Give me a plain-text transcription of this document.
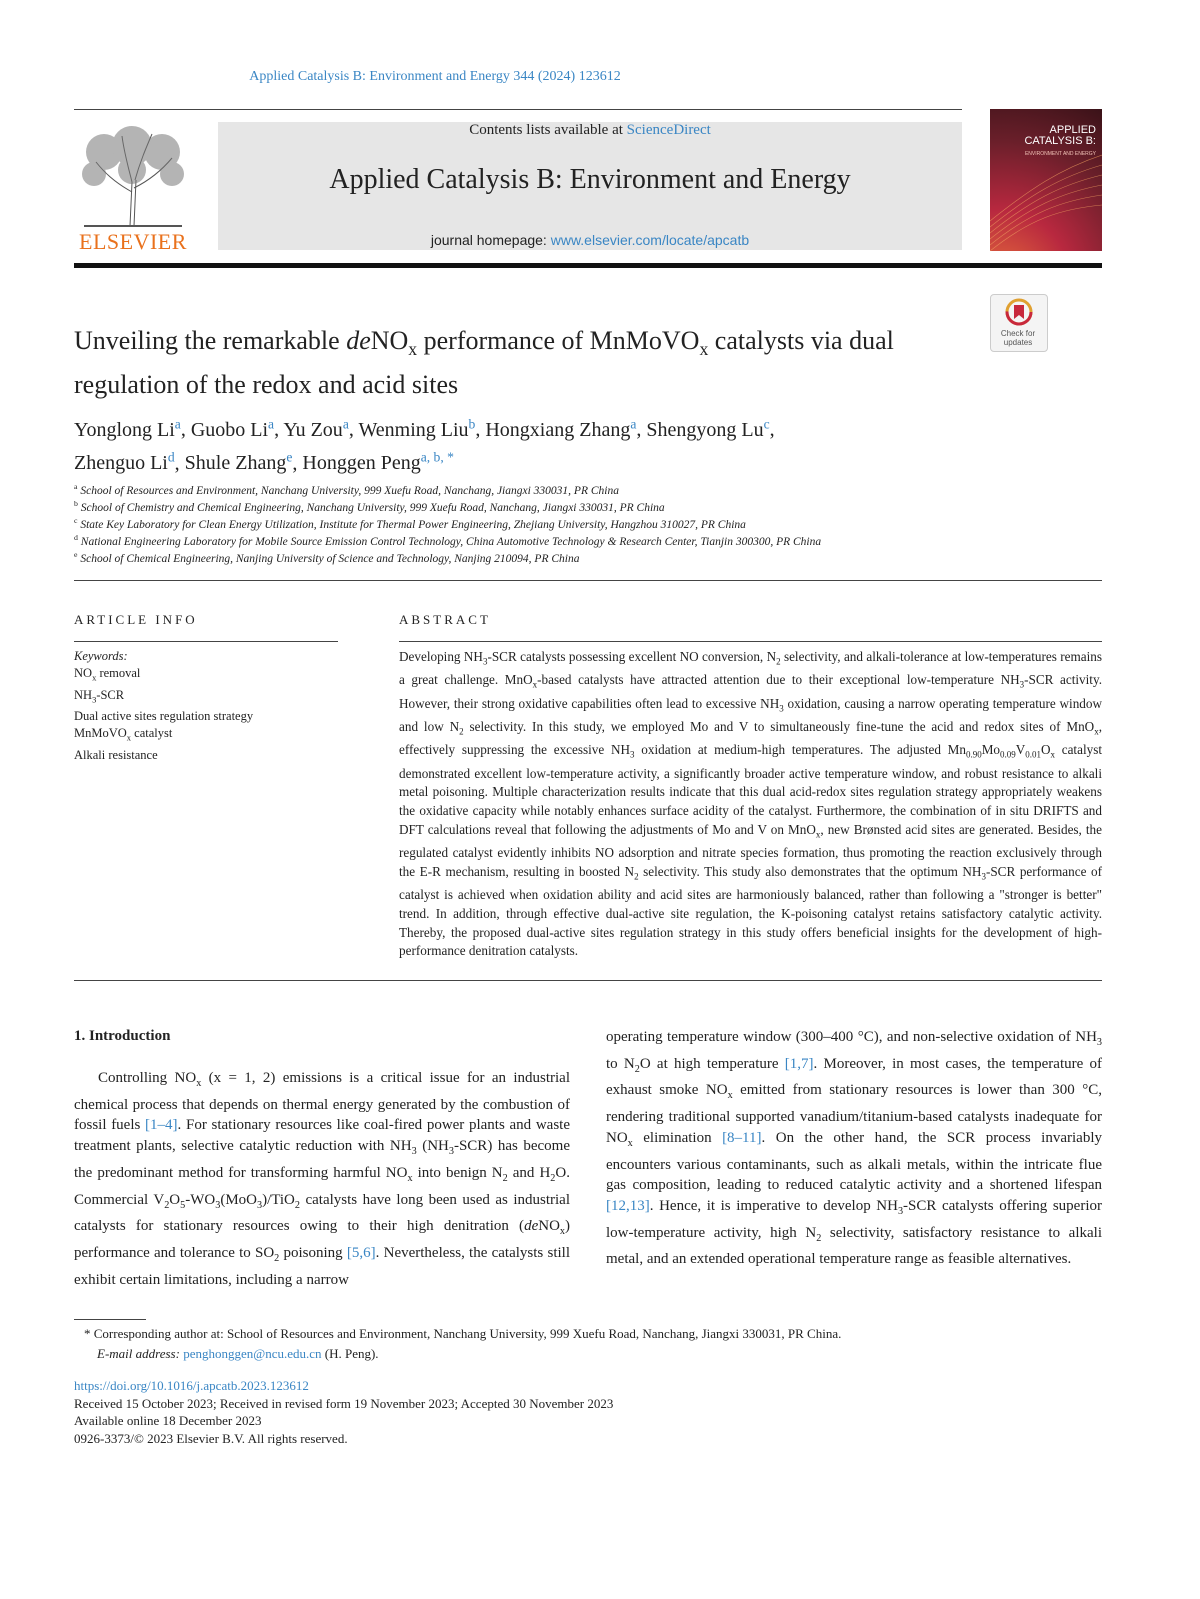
Applied Catalysis B: Environment and Energy 344 (2024) 123612
ELSEVIER
Contents lists available at ScienceDirect
Applied Catalysis B: Environment and Energy
journal homepage: www.elsevier.com/locate/apcatb
APPLIED CATALYSIS B:
ENVIRONMENT AND ENERGY
Check for updates
Unveiling the remarkable deNO$_x$ performance of MnMoVO$_x$ catalysts via dual regulation of the redox and acid sites
Yonglong Li$^a$, Guobo Li$^a$, Yu Zou$^a$, Wenming Liu$^b$, Hongxiang Zhang$^a$, Shengyong Lu$^c$,
Zhenguo Li$^d$, Shule Zhang$^e$, Honggen Peng$^{a, b, *}$
$^a$ School of Resources and Environment, Nanchang University, 999 Xuefu Road, Nanchang, Jiangxi 330031, PR China
$^b$ School of Chemistry and Chemical Engineering, Nanchang University, 999 Xuefu Road, Nanchang, Jiangxi 330031, PR China
$^c$ State Key Laboratory for Clean Energy Utilization, Institute for Thermal Power Engineering, Zhejiang University, Hangzhou 310027, PR China
$^d$ National Engineering Laboratory for Mobile Source Emission Control Technology, China Automotive Technology & Research Center, Tianjin 300300, PR China
$^e$ School of Chemical Engineering, Nanjing University of Science and Technology, Nanjing 210094, PR China
ARTICLE INFO	ABSTRACT
Keywords:
$NO_x$ removal
$NH_3$-SCR
Dual active sites regulation strategy
MnMoVO$_x$ catalyst
Alkali resistance
Developing $NH_3$-SCR catalysts possessing excellent NO conversion, $N_2$ selectivity, and alkali-tolerance at low-temperatures remains a great challenge. MnO$_x$-based catalysts have attracted attention due to their exceptional low-temperature $NH_3$-SCR activity. However, their strong oxidative capabilities often lead to excessive $NH_3$ oxidation, causing a narrow operating temperature window and low $N_2$ selectivity. In this study, we employed Mo and V to simultaneously fine-tune the acid and redox sites of MnO$_x$, effectively suppressing the excessive $NH_3$ oxidation at medium-high temperatures. The adjusted $Mn_{0.90}Mo_{0.09}V_{0.01}O_x$ catalyst demonstrated excellent low-temperature activity, a significantly broader active temperature window, and robust resistance to alkali metal poisoning. Multiple characterization results indicate that this dual acid-redox sites regulation strategy appropriately weakens the oxidative capacity while notably enhances surface acidity of the catalyst. Furthermore, the combination of in situ DRIFTS and DFT calculations reveal that following the adjustments of Mo and V on MnO$_x$, new Brønsted acid sites are generated. Besides, the regulated catalyst evidently inhibits NO adsorption and nitrate species formation, thus promoting the reaction exclusively through the E-R mechanism, resulting in boosted $N_2$ selectivity. This study also demonstrates that the optimum $NH_3$-SCR performance of catalyst is achieved when oxidation ability and acid sites are harmoniously balanced, rather than following a "stronger is better" trend. In addition, through effective dual-active site regulation, the K-poisoning catalyst retains satisfactory catalytic activity. Thereby, the proposed dual-active sites regulation strategy in this study offers beneficial insights for the development of high-performance denitration catalysts.
1. Introduction
Controlling $NO_x$ (x = 1, 2) emissions is a critical issue for an industrial chemical process that depends on thermal energy generated by the combustion of fossil fuels [1–4]. For stationary resources like coal-fired power plants and waste treatment plants, selective catalytic reduction with $NH_3$ $(NH_3-SCR)$ has become the predominant method for transforming harmful $NO_x$ into benign $N_2$ and $H_2O$. Commercial $V_2O_5-WO_3(MoO_3)/TiO_2$ catalysts have long been used as industrial catalysts for stationary resources owing to their high denitration (deNO$_x$) performance and tolerance to $SO_2$ poisoning [5,6]. Nevertheless, the catalysts still exhibit certain limitations, including a narrow
operating temperature window (300–400 °C), and non-selective oxidation of $NH_3$ to $N_2O$ at high temperature [1,7]. Moreover, in most cases, the temperature of exhaust smoke $NO_x$ emitted from stationary resources is lower than 300 °C, rendering traditional supported vanadium/titanium-based catalysts inadequate for $NO_x$ elimination [8–11]. On the other hand, the SCR process invariably encounters various contaminants, such as alkali metals, within the intricate flue gas composition, leading to reduced catalytic activity and a shortened lifespan [12,13]. Hence, it is imperative to develop $NH_3$-SCR catalysts offering superior low-temperature activity, high $N_2$ selectivity, satisfactory resistance to alkali metal, and an extended operational temperature range as feasible alternatives.
* Corresponding author at: School of Resources and Environment, Nanchang University, 999 Xuefu Road, Nanchang, Jiangxi 330031, PR China.
E-mail address: penghonggen@ncu.edu.cn (H. Peng).
https://doi.org/10.1016/j.apcatb.2023.123612
Received 15 October 2023; Received in revised form 19 November 2023; Accepted 30 November 2023
Available online 18 December 2023
0926-3373/© 2023 Elsevier B.V. All rights reserved.
